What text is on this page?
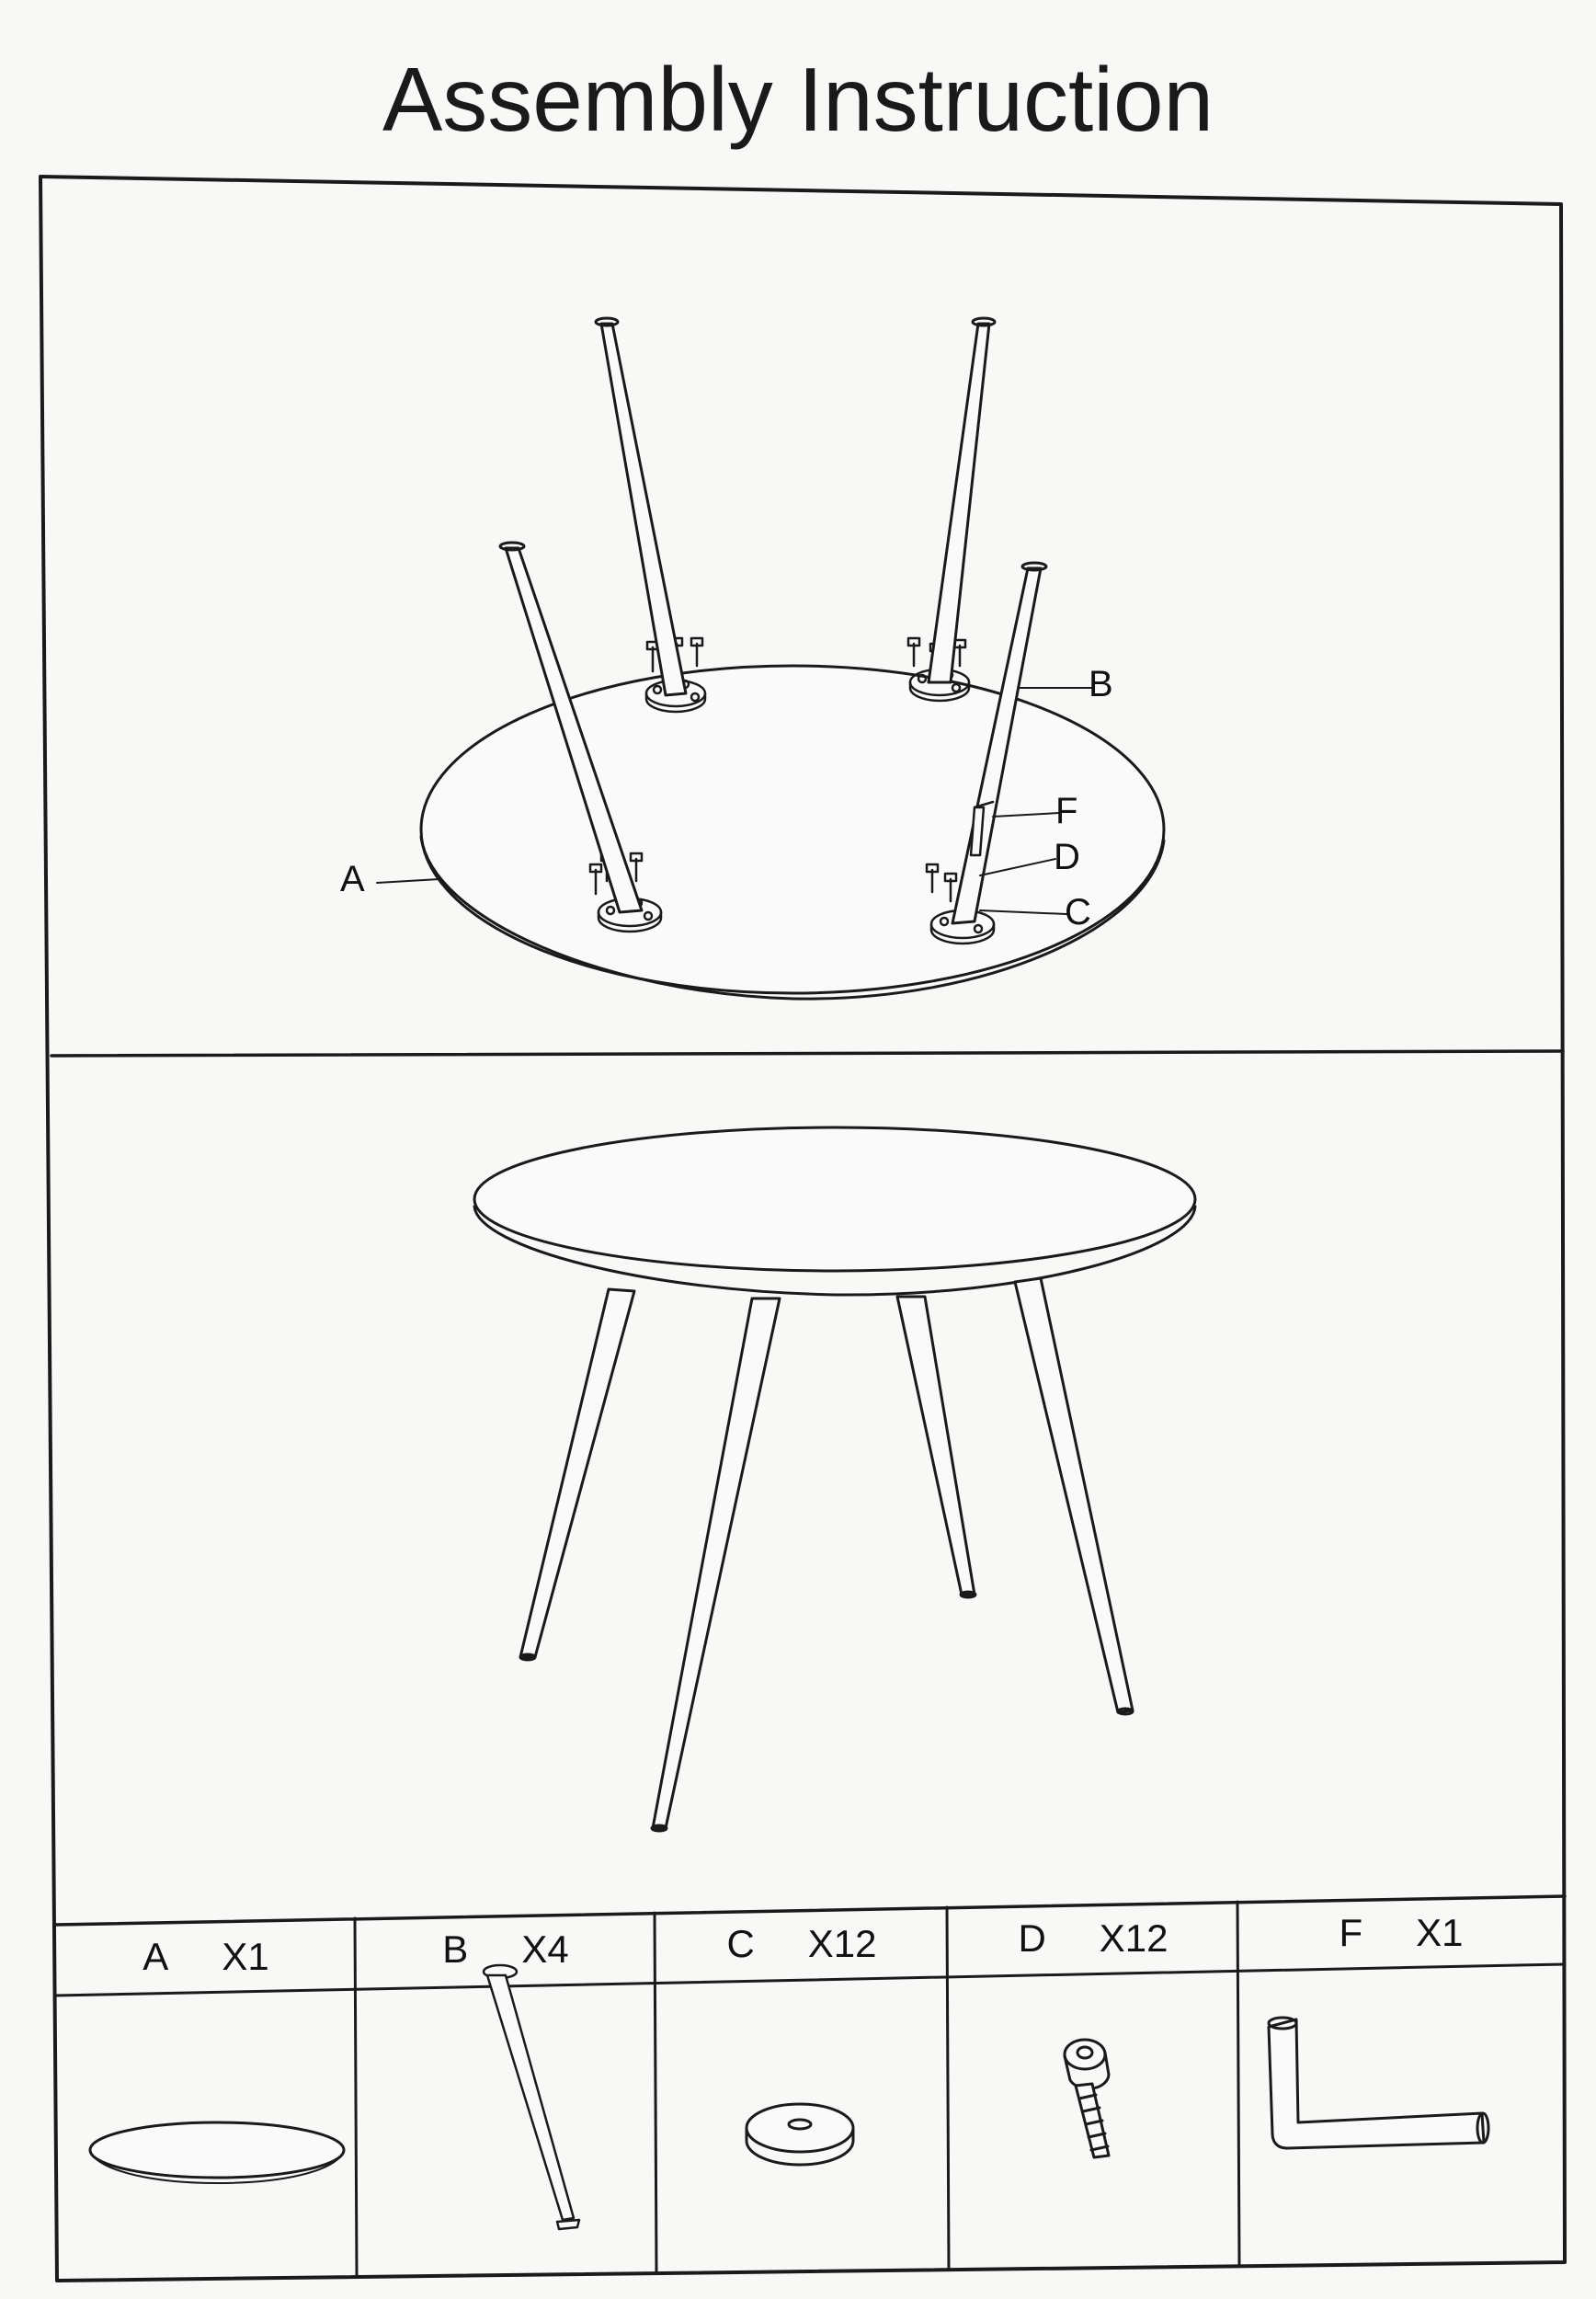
Assembly Instruction
A
B
F
D
C
A X1	B X4	C X12	D X12	F X1
